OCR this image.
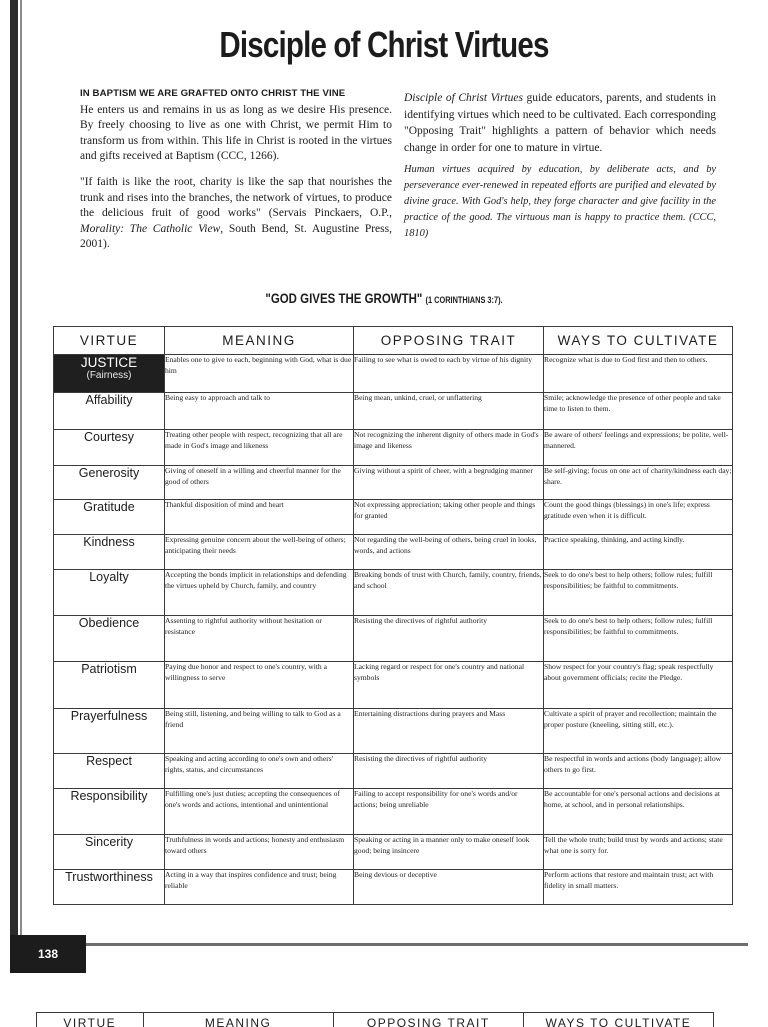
Disciple of Christ Virtues
IN BAPTISM WE ARE GRAFTED ONTO CHRIST THE VINE

He enters us and remains in us as long as we desire His presence. By freely choosing to live as one with Christ, we permit Him to transform us from within. This life in Christ is rooted in the virtues and gifts received at Baptism (CCC, 1266).

"If faith is like the root, charity is like the sap that nourishes the trunk and rises into the branches, the network of virtues, to produce the delicious fruit of good works" (Servais Pinckaers, O.P., Morality: The Catholic View, South Bend, St. Augustine Press, 2001).

Disciple of Christ Virtues guide educators, parents, and students in identifying virtues which need to be cultivated. Each corresponding "Opposing Trait" highlights a pattern of behavior which needs change in order for one to mature in virtue.

Human virtues acquired by education, by deliberate acts, and by perseverance ever-renewed in repeated efforts are purified and elevated by divine grace. With God's help, they forge character and give facility in the practice of the good. The virtuous man is happy to practice them. (CCC, 1810)

"GOD GIVES THE GROWTH" (1 CORINTHIANS 3:7).
VIRTUE	MEANING	OPPOSING TRAIT	WAYS TO CULTIVATE

JUSTICE
(Fairness)	Enables one to give to each, beginning with God, what is due him	Failing to see what is owed to each by virtue of his dignity	Recognize what is due to God first and then to others.
Affability	Being easy to approach and talk to	Being mean, unkind, cruel, or unflattering	Smile; acknowledge the presence of other people and take time to listen to them.
Courtesy	Treating other people with respect, recognizing that all are made in God's image and likeness	Not recognizing the inherent dignity of others made in God's image and likeness	Be aware of others' feelings and expressions; be polite, well-mannered.
Generosity	Giving of oneself in a willing and cheerful manner for the good of others	Giving without a spirit of cheer, with a begrudging manner	Be self-giving; focus on one act of charity/kindness each day; share.
Gratitude	Thankful disposition of mind and heart	Not expressing appreciation; taking other people and things for granted	Count the good things (blessings) in one's life; express gratitude even when it is difficult.
Kindness	Expressing genuine concern about the well-being of others; anticipating their needs	Not regarding the well-being of others, being cruel in looks, words, and actions	Practice speaking, thinking, and acting kindly.
Loyalty	Accepting the bonds implicit in relationships and defending the virtues upheld by Church, family, and country	Breaking bonds of trust with Church, family, country, friends, and school	Seek to do one's best to help others; follow rules; fulfill responsibilities; be faithful to commitments.
Obedience	Assenting to rightful authority without hesitation or resistance	Resisting the directives of rightful authority	Seek to do one's best to help others; follow rules; fulfill responsibilities; be faithful to commitments.
Patriotism	Paying due honor and respect to one's country, with a willingness to serve	Lacking regard or respect for one's country and national symbols	Show respect for your country's flag; speak respectfully about government officials; recite the Pledge.
Prayerfulness	Being still, listening, and being willing to talk to God as a friend	Entertaining distractions during prayers and Mass	Cultivate a spirit of prayer and recollection; maintain the proper posture (kneeling, sitting still, etc.).
Respect	Speaking and acting according to one's own and others' rights, status, and circumstances	Resisting the directives of rightful authority	Be respectful in words and actions (body language); allow others to go first.
Responsibility	Fulfilling one's just duties; accepting the consequences of one's words and actions, intentional and unintentional	Failing to accept responsibility for one's words and/or actions; being unreliable	Be accountable for one's personal actions and decisions at home, at school, and in personal relationships.
Sincerity	Truthfulness in words and actions; honesty and enthusiasm toward others	Speaking or acting in a manner only to make oneself look good; being insincere	Tell the whole truth; build trust by words and actions; state what one is sorry for.
Trustworthiness	Acting in a way that inspires confidence and trust; being reliable	Being devious or deceptive	Perform actions that restore and maintain trust; act with fidelity in small matters.
138
VIRTUE	MEANING	OPPOSING TRAIT	WAYS TO CULTIVATE
